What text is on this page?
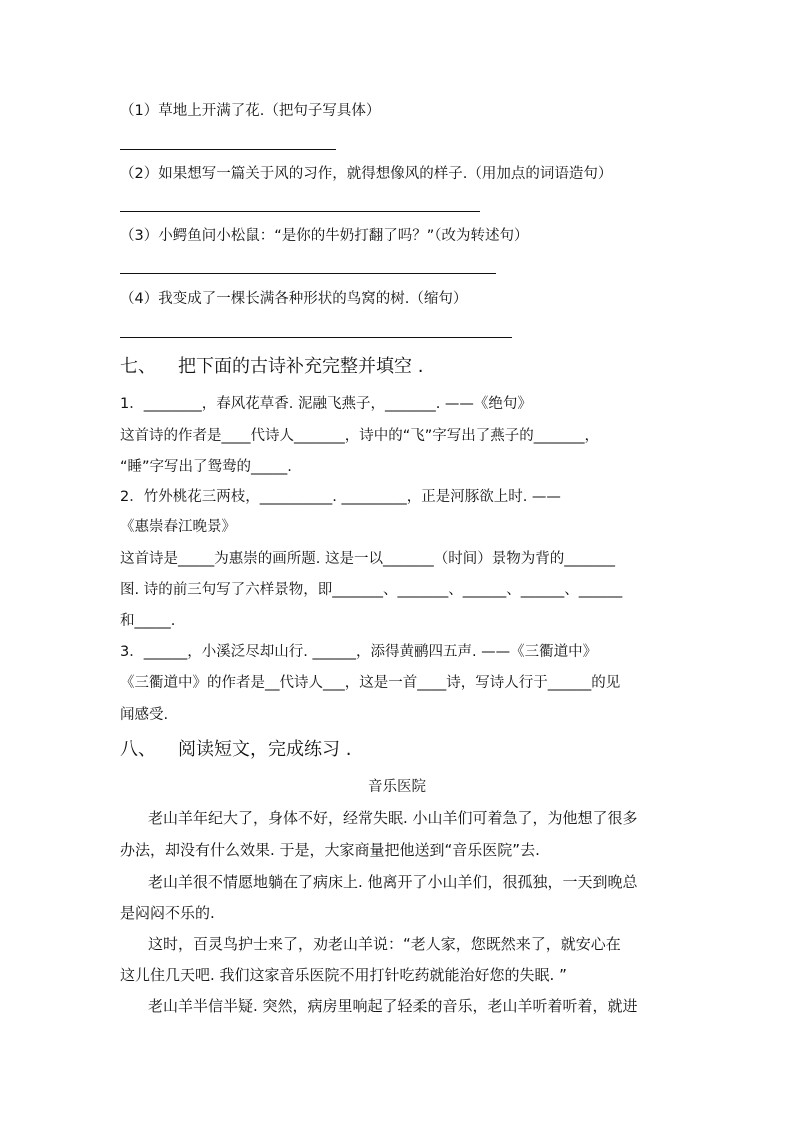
（1）草地上开满了花.（把句子写具体）
（2）如果想写一篇关于风的习作，就得想像风的样子.（用加点的词语造句）
（3）小鳄鱼问小松鼠：“是你的牛奶打翻了吗？”（改为转述句）
（4）我变成了一棵长满各种形状的鸟窝的树.（缩句）
七、 把下面的古诗补充完整并填空 .
1．________，春风花草香. 泥融飞燕子，_______. ——《绝句》
这首诗的作者是____代诗人_______，诗中的“飞”字写出了燕子的_______，
“睡”字写出了鸳鸯的_____.
2．竹外桃花三两枝，__________. _________，正是河豚欲上时. ——
《惠崇春江晚景》
这首诗是_____为惠崇的画所题. 这是一以_______（时间）景物为背的_______
图. 诗的前三句写了六样景物，即_______、_______、______、______、______
和_____.
3．______，小溪泛尽却山行. ______，添得黄鹂四五声. ——《三衢道中》
《三衢道中》的作者是__代诗人___，这是一首____诗，写诗人行于______的见
闻感受.
八、 阅读短文，完成练习 .
音乐医院
老山羊年纪大了，身体不好，经常失眠. 小山羊们可着急了，为他想了很多
办法，却没有什么效果. 于是，大家商量把他送到“音乐医院”去.
老山羊很不情愿地躺在了病床上. 他离开了小山羊们，很孤独，一天到晚总
是闷闷不乐的.
这时，百灵鸟护士来了，劝老山羊说：“老人家，您既然来了，就安心在
这儿住几天吧. 我们这家音乐医院不用打针吃药就能治好您的失眠. ”
老山羊半信半疑. 突然，病房里响起了轻柔的音乐，老山羊听着听着，就进
